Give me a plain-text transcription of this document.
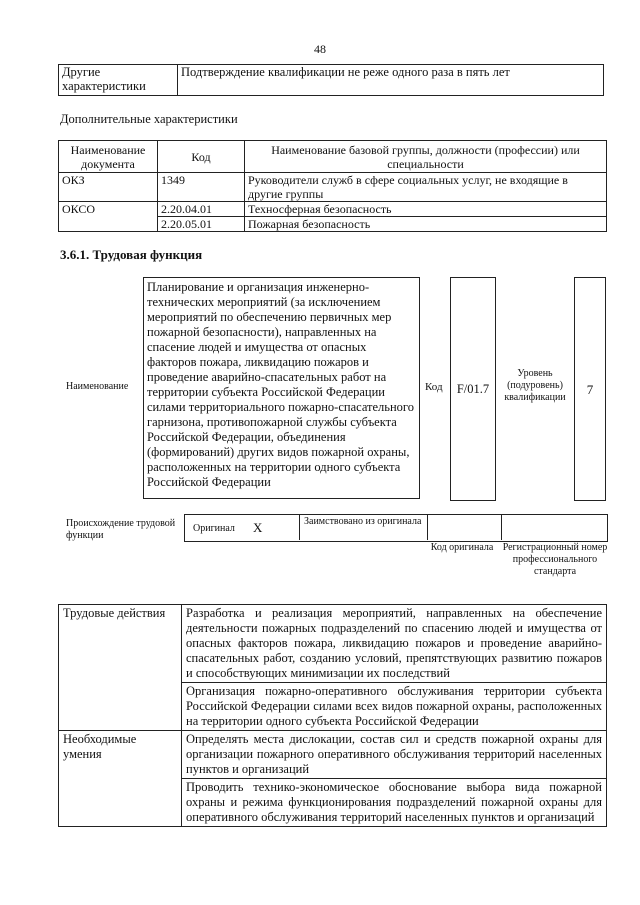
48
Другие характеристики	Подтверждение квалификации не реже одного раза в пять лет
Дополнительные характеристики
Наименование документа	Код	Наименование базовой группы, должности (профессии) или специальности
ОКЗ	1349	Руководители служб в сфере социальных услуг, не входящие в другие группы
ОКСО	2.20.04.01	Техносферная безопасность
	2.20.05.01	Пожарная безопасность
3.6.1. Трудовая функция
Наименование
Планирование и организация инженерно-технических мероприятий (за исключением мероприятий по обеспечению первичных мер пожарной безопасности), направленных на спасение людей и имущества от опасных факторов пожара, ликвидацию пожаров и проведение аварийно-спасательных работ на территории субъекта Российской Федерации силами территориального пожарно-спасательного гарнизона, противопожарной службы субъекта Российской Федерации, объединения (формирований) других видов пожарной охраны, расположенных на территории одного субъекта Российской Федерации
Код	F/01.7
Уровень (подуровень) квалификации
7
Происхождение трудовой функции
Оригинал X	Заимствовано из оригинала
Код оригинала Регистрационный номер профессионального стандарта
Трудовые действия	Разработка и реализация мероприятий, направленных на обеспечение деятельности пожарных подразделений по спасению людей и имущества от опасных факторов пожара, ликвидацию пожаров и проведение аварийно-спасательных работ, созданию условий, препятствующих развитию пожаров и способствующих минимизации их последствий
	Организация пожарно-оперативного обслуживания территории субъекта Российской Федерации силами всех видов пожарной охраны, расположенных на территории одного субъекта Российской Федерации
Необходимые умения	Определять места дислокации, состав сил и средств пожарной охраны для организации пожарного оперативного обслуживания территорий населенных пунктов и организаций
	Проводить технико-экономическое обоснование выбора вида пожарной охраны и режима функционирования подразделений пожарной охраны для оперативного обслуживания территорий населенных пунктов и организаций
